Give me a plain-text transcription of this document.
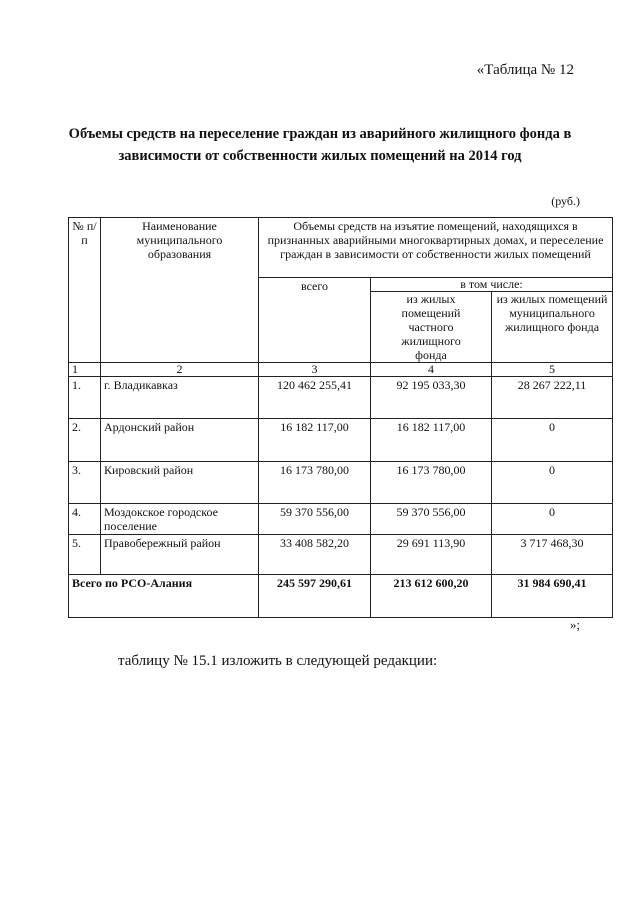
«Таблица № 12
Объемы средств на переселение граждан из аварийного жилищного фонда в зависимости от собственности жилых помещений на 2014 год
(руб.)
№ п/п	Наименование муниципального образования	Объемы средств на изъятие помещений, находящихся в признанных аварийными многоквартирных домах, и переселение граждан в зависимости от собственности жилых помещений		
		всего	в том числе:	
			из жилых помещений частного жилищного фонда	из жилых помещений муниципального жилищного фонда
1	2	3	4	5
1.	г. Владикавказ	120 462 255,41	92 195 033,30	28 267 222,11
2.	Ардонский район	16 182 117,00	16 182 117,00	0
3.	Кировский район	16 173 780,00	16 173 780,00	0
4.	Моздокское городское поселение	59 370 556,00	59 370 556,00	0
5.	Правобережный район	33 408 582,20	29 691 113,90	3 717 468,30
Всего по РСО-Алания		245 597 290,61	213 612 600,20	31 984 690,41
»;
таблицу № 15.1 изложить в следующей редакции:
